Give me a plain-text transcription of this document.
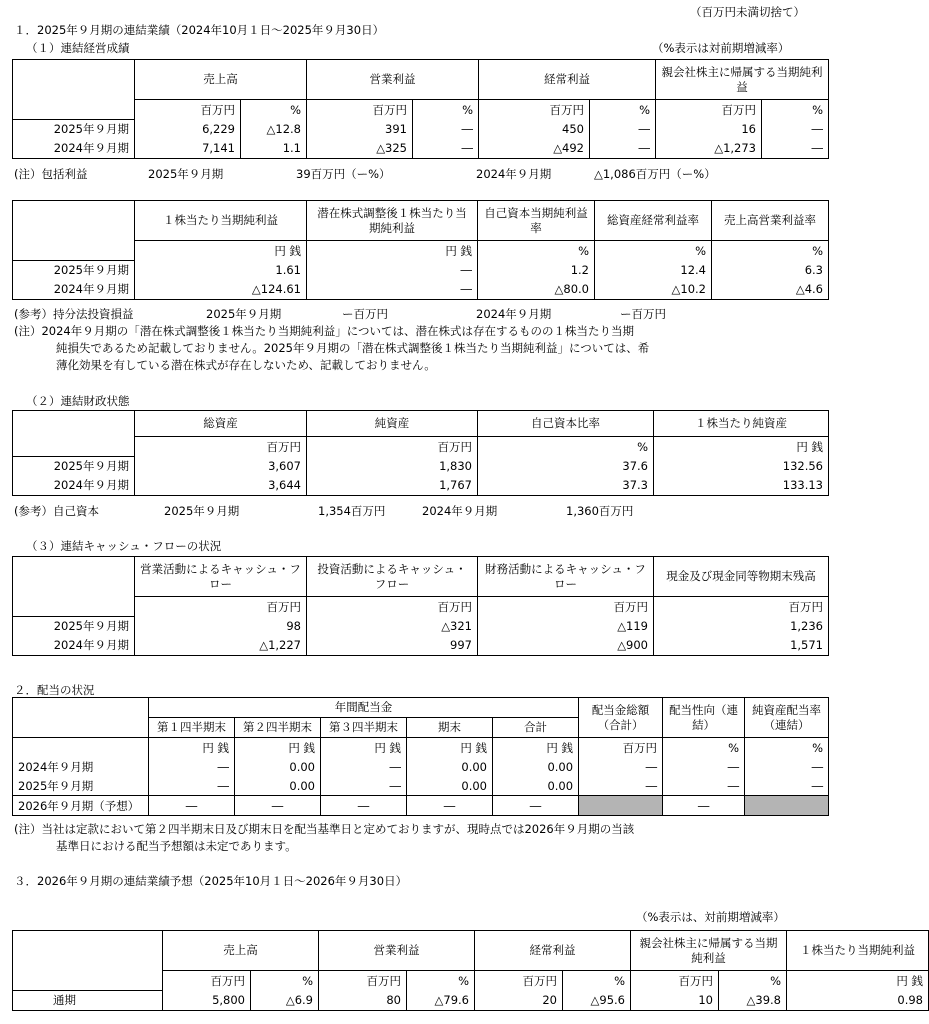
（百万円未満切捨て）
１．2025年９月期の連結業績（2024年10月１日～2025年９月30日）
（１）連結経営成績	（%表示は対前期増減率）
	売上高		営業利益		経常利益		親会社株主に帰属する当期純利益	
	百万円	%	百万円	%	百万円	%	百万円	%
2025年９月期	6,229	△12.8	391	―	450	―	16	―
2024年９月期	7,141	1.1	△325	―	△492	―	△1,273	―
(注）包括利益	2025年９月期	39百万円（ー%）	2024年９月期	△1,086百万円（ー%）
	１株当たり当期純利益	潜在株式調整後１株当たり当期純利益	自己資本当期純利益率	総資産経常利益率	売上高営業利益率
	円 銭	円 銭	%	%	%
2025年９月期	1.61	―	1.2	12.4	6.3
2024年９月期	△124.61	―	△80.0	△10.2	△4.6
(参考）持分法投資損益	2025年９月期	ー百万円	2024年９月期	ー百万円
(注）2024年９月期の「潜在株式調整後１株当たり当期純利益」については、潜在株式は存在するものの１株当たり当期
純損失であるため記載しておりません。2025年９月期の「潜在株式調整後１株当たり当期純利益」については、希
薄化効果を有している潜在株式が存在しないため、記載しておりません。
（２）連結財政状態
	総資産	純資産	自己資本比率	１株当たり純資産
	百万円	百万円	%	円 銭
2025年９月期	3,607	1,830	37.6	132.56
2024年９月期	3,644	1,767	37.3	133.13
(参考）自己資本	2025年９月期	1,354百万円	2024年９月期	1,360百万円
（３）連結キャッシュ・フローの状況
	営業活動によるキャッシュ・フロー	投資活動によるキャッシュ・フロー	財務活動によるキャッシュ・フロー	現金及び現金同等物期末残高
	百万円	百万円	百万円	百万円
2025年９月期	98	△321	△119	1,236
2024年９月期	△1,227	997	△900	1,571
２．配当の状況
	年間配当金					配当金総額（合計）	配当性向（連結）	純資産配当率（連結）
	第１四半期末	第２四半期末	第３四半期末	期末	合計			
	円 銭	円 銭	円 銭	円 銭	円 銭	百万円	%	%
2024年９月期	―	0.00	―	0.00	0.00	―	―	―
2025年９月期	―	0.00	―	0.00	0.00	―	―	―
2026年９月期（予想）	―	―	―	―	―		―	
(注）当社は定款において第２四半期末日及び期末日を配当基準日と定めておりますが、現時点では2026年９月期の当該
基準日における配当予想額は未定であります。
３．2026年９月期の連結業績予想（2025年10月１日～2026年９月30日）
（%表示は、対前期増減率）
	売上高		営業利益		経常利益		親会社株主に帰属する当期純利益		１株当たり当期純利益
	百万円	%	百万円	%	百万円	%	百万円	%	円 銭
通期	5,800	△6.9	80	△79.6	20	△95.6	10	△39.8	0.98
